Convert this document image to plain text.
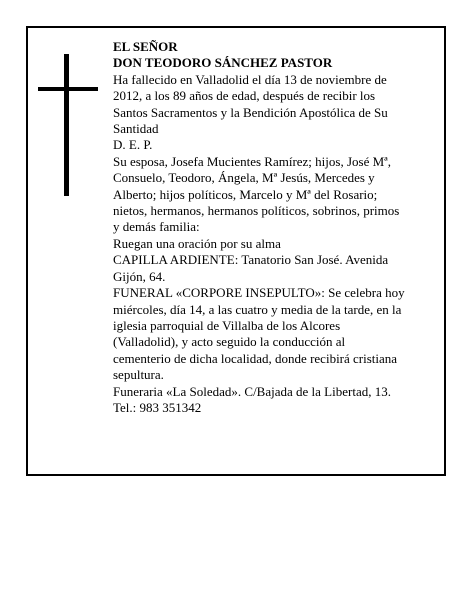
EL SEÑOR
DON TEODORO SÁNCHEZ PASTOR
Ha fallecido en Valladolid el día 13 de noviembre de
2012, a los 89 años de edad, después de recibir los
Santos Sacramentos y la Bendición Apostólica de Su
Santidad
D. E. P.
Su esposa, Josefa Mucientes Ramírez; hijos, José Mª,
Consuelo, Teodoro, Ángela, Mª Jesús, Mercedes y
Alberto; hijos políticos, Marcelo y Mª del Rosario;
nietos, hermanos, hermanos políticos, sobrinos, primos
y demás familia:
Ruegan una oración por su alma
CAPILLA ARDIENTE: Tanatorio San José. Avenida
Gijón, 64.
FUNERAL «CORPORE INSEPULTO»: Se celebra hoy
miércoles, día 14, a las cuatro y media de la tarde, en la
iglesia parroquial de Villalba de los Alcores
(Valladolid), y acto seguido la conducción al
cementerio de dicha localidad, donde recibirá cristiana
sepultura.
Funeraria «La Soledad». C/Bajada de la Libertad, 13.
Tel.: 983 351342
